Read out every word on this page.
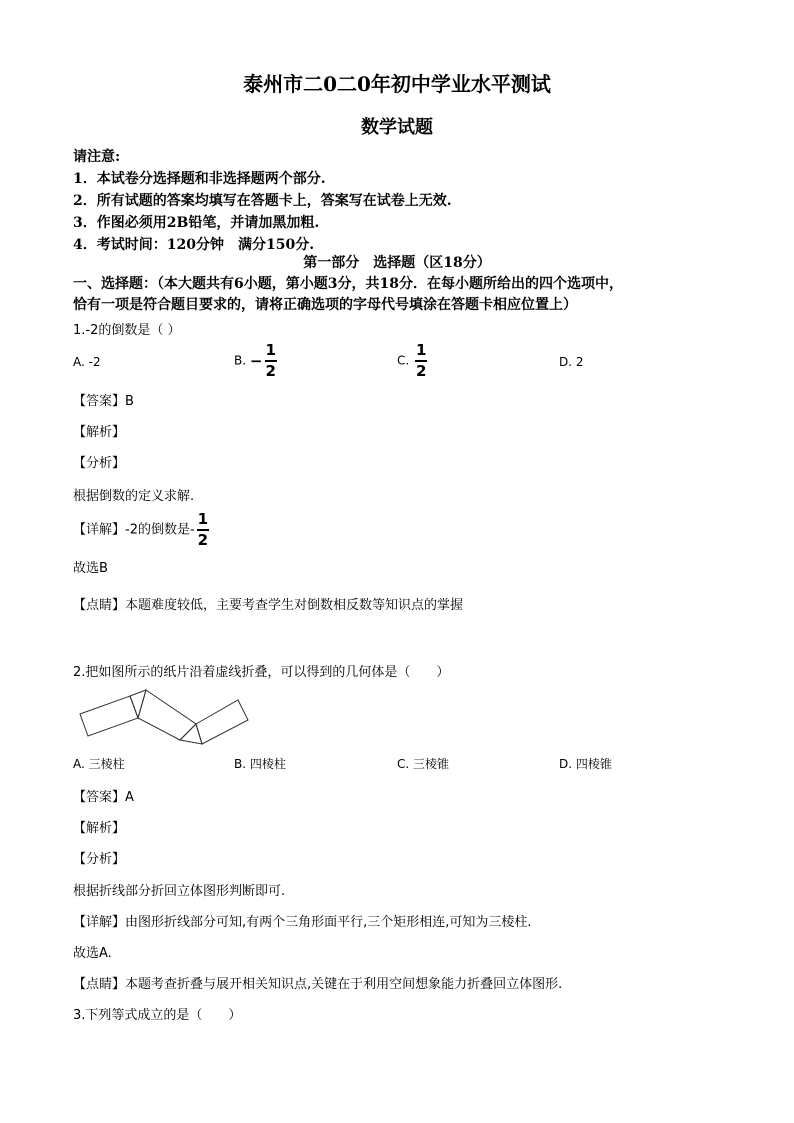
泰州市二0二0年初中学业水平测试
数学试题
请注意:
1．本试卷分选择题和非选择题两个部分.
2．所有试题的答案均填写在答题卡上，答案写在试卷上无效.
3．作图必须用2B铅笔，并请加黑加粗.
4．考试时间：120分钟　满分150分.
第一部分　选择题（区18分）
一、选择题：（本大题共有6小题，第小题3分，共18分．在每小题所给出的四个选项中，
恰有一项是符合题目要求的，请将正确选项的字母代号填涂在答题卡相应位置上）
1.-2的倒数是（ ）
A. -2	B. − $\frac{1}{2}$	C. $\frac{1}{2}$	D. 2
【答案】B
【解析】
【分析】
根据倒数的定义求解.
【详解】-2的倒数是- $\frac{1}{2}$
故选B
【点睛】本题难度较低，主要考查学生对倒数相反数等知识点的掌握
2.把如图所示的纸片沿着虚线折叠，可以得到的几何体是（　　）
A. 三棱柱	B. 四棱柱	C. 三棱锥	D. 四棱锥
【答案】A
【解析】
【分析】
根据折线部分折回立体图形判断即可.
【详解】由图形折线部分可知,有两个三角形面平行,三个矩形相连,可知为三棱柱.
故选A.
【点睛】本题考查折叠与展开相关知识点,关键在于利用空间想象能力折叠回立体图形.
3.下列等式成立的是（　　）
